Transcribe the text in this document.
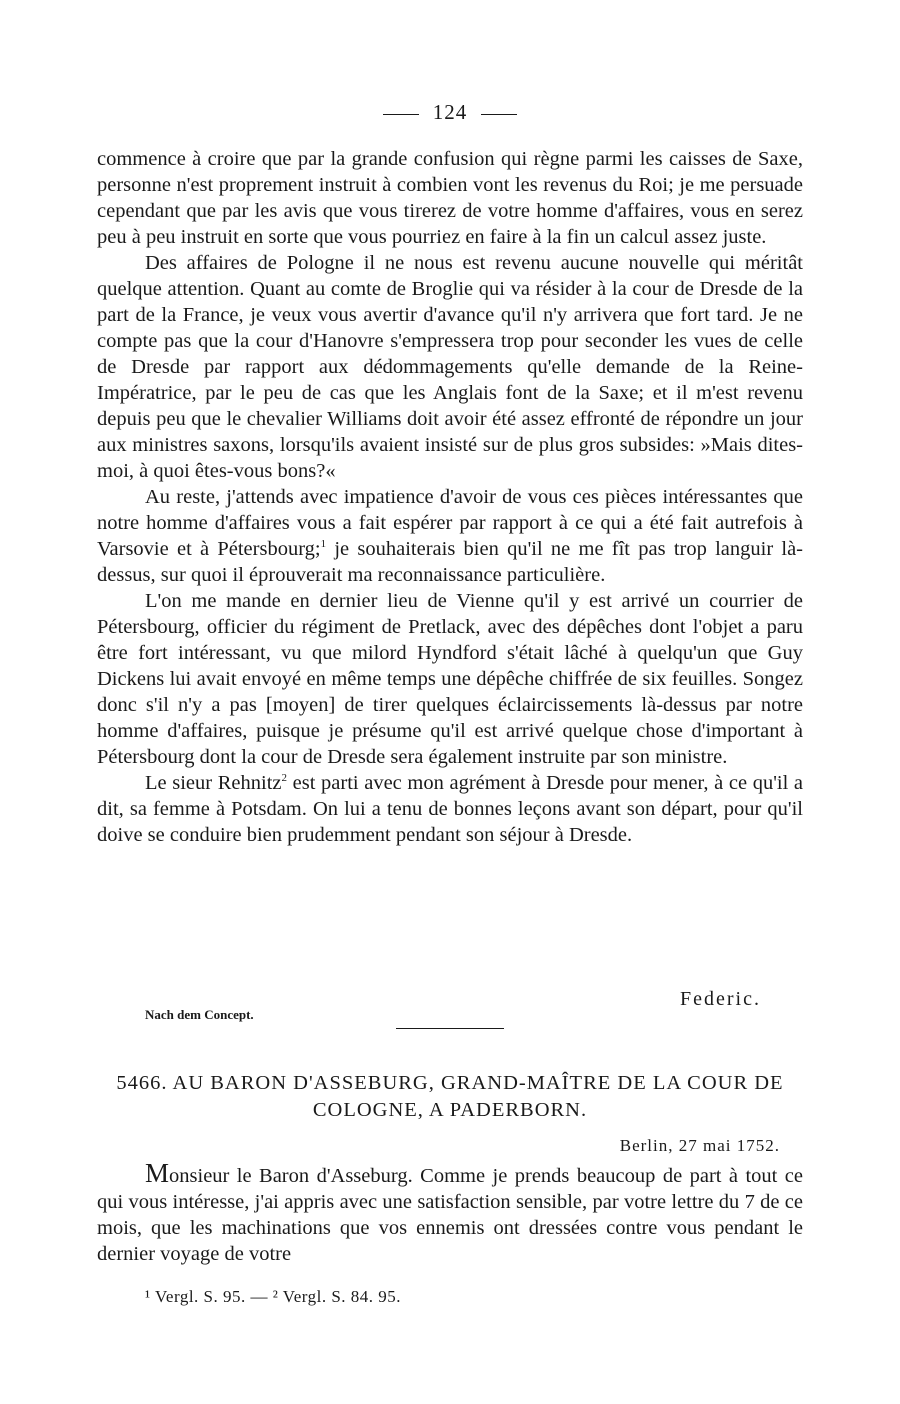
124

commence à croire que par la grande confusion qui règne parmi les caisses de Saxe, personne n'est proprement instruit à combien vont les revenus du Roi; je me persuade cependant que par les avis que vous tirerez de votre homme d'affaires, vous en serez peu à peu instruit en sorte que vous pourriez en faire à la fin un calcul assez juste.

Des affaires de Pologne il ne nous est revenu aucune nouvelle qui méritât quelque attention. Quant au comte de Broglie qui va résider à la cour de Dresde de la part de la France, je veux vous avertir d'avance qu'il n'y arrivera que fort tard. Je ne compte pas que la cour d'Hanovre s'empressera trop pour seconder les vues de celle de Dresde par rapport aux dédommagements qu'elle demande de la Reine-Impératrice, par le peu de cas que les Anglais font de la Saxe; et il m'est revenu depuis peu que le chevalier Williams doit avoir été assez effronté de répondre un jour aux ministres saxons, lorsqu'ils avaient insisté sur de plus gros subsides: »Mais dites-moi, à quoi êtes-vous bons?«

Au reste, j'attends avec impatience d'avoir de vous ces pièces intéressantes que notre homme d'affaires vous a fait espérer par rapport à ce qui a été fait autrefois à Varsovie et à Pétersbourg;$^1$ je souhaiterais bien qu'il ne me fît pas trop languir là-dessus, sur quoi il éprouverait ma reconnaissance particulière.

L'on me mande en dernier lieu de Vienne qu'il y est arrivé un courrier de Pétersbourg, officier du régiment de Pretlack, avec des dépêches dont l'objet a paru être fort intéressant, vu que milord Hyndford s'était lâché à quelqu'un que Guy Dickens lui avait envoyé en même temps une dépêche chiffrée de six feuilles. Songez donc s'il n'y a pas [moyen] de tirer quelques éclaircissements là-dessus par notre homme d'affaires, puisque je présume qu'il est arrivé quelque chose d'important à Pétersbourg dont la cour de Dresde sera également instruite par son ministre.

Le sieur Rehnitz$^2$ est parti avec mon agrément à Dresde pour mener, à ce qu'il a dit, sa femme à Potsdam. On lui a tenu de bonnes leçons avant son départ, pour qu'il doive se conduire bien prudemment pendant son séjour à Dresde.

Federic.
Nach dem Concept.
5466. AU BARON D'ASSEBURG, GRAND-MAÎTRE DE LA COUR DE COLOGNE, A PADERBORN.
Berlin, 27 mai 1752.

Monsieur le Baron d'Asseburg. Comme je prends beaucoup de part à tout ce qui vous intéresse, j'ai appris avec une satisfaction sensible, par votre lettre du 7 de ce mois, que les machinations que vos ennemis ont dressées contre vous pendant le dernier voyage de votre

¹ Vergl. S. 95. — ² Vergl. S. 84. 95.
